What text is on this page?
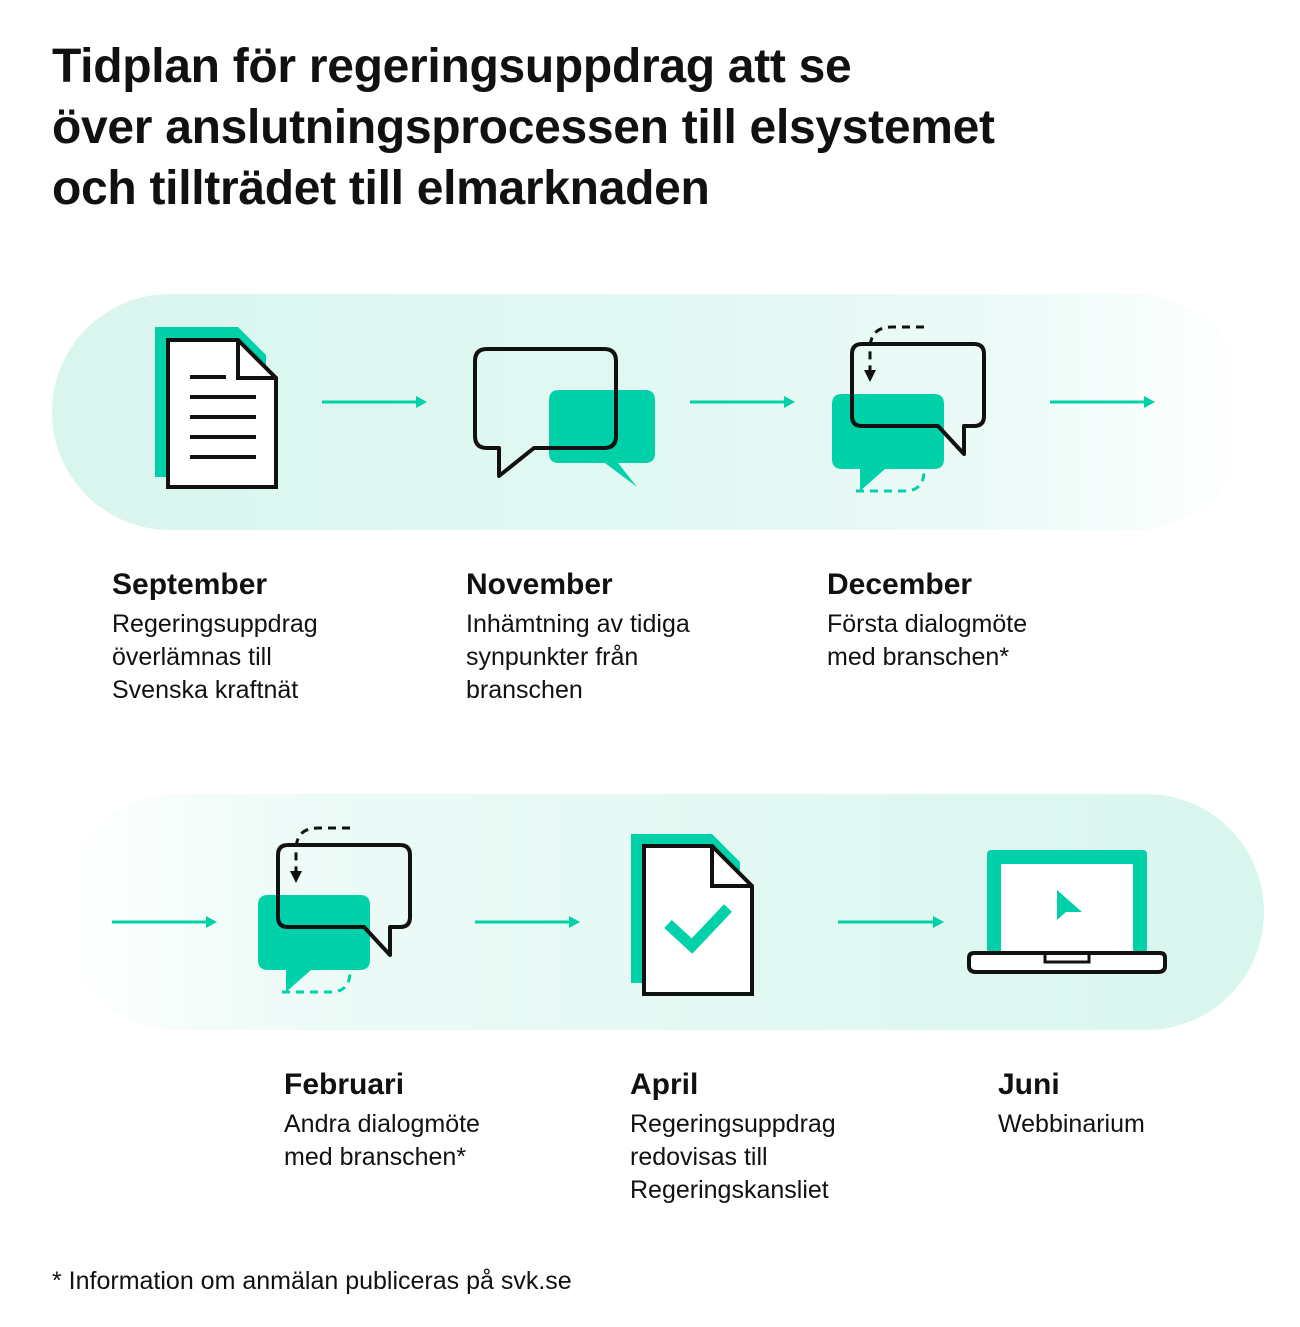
Tidplan för regeringsuppdrag att se
över anslutningsprocessen till elsystemet
och tillträdet till elmarknaden
September

Regeringsuppdrag
överlämnas till
Svenska kraftnät

November

Inhämtning av tidiga
synpunkter från
branschen

December

Första dialogmöte
med branschen*

Februari

Andra dialogmöte
med branschen*

April

Regeringsuppdrag
redovisas till
Regeringskansliet

Juni

Webbinarium

* Information om anmälan publiceras på svk.se
